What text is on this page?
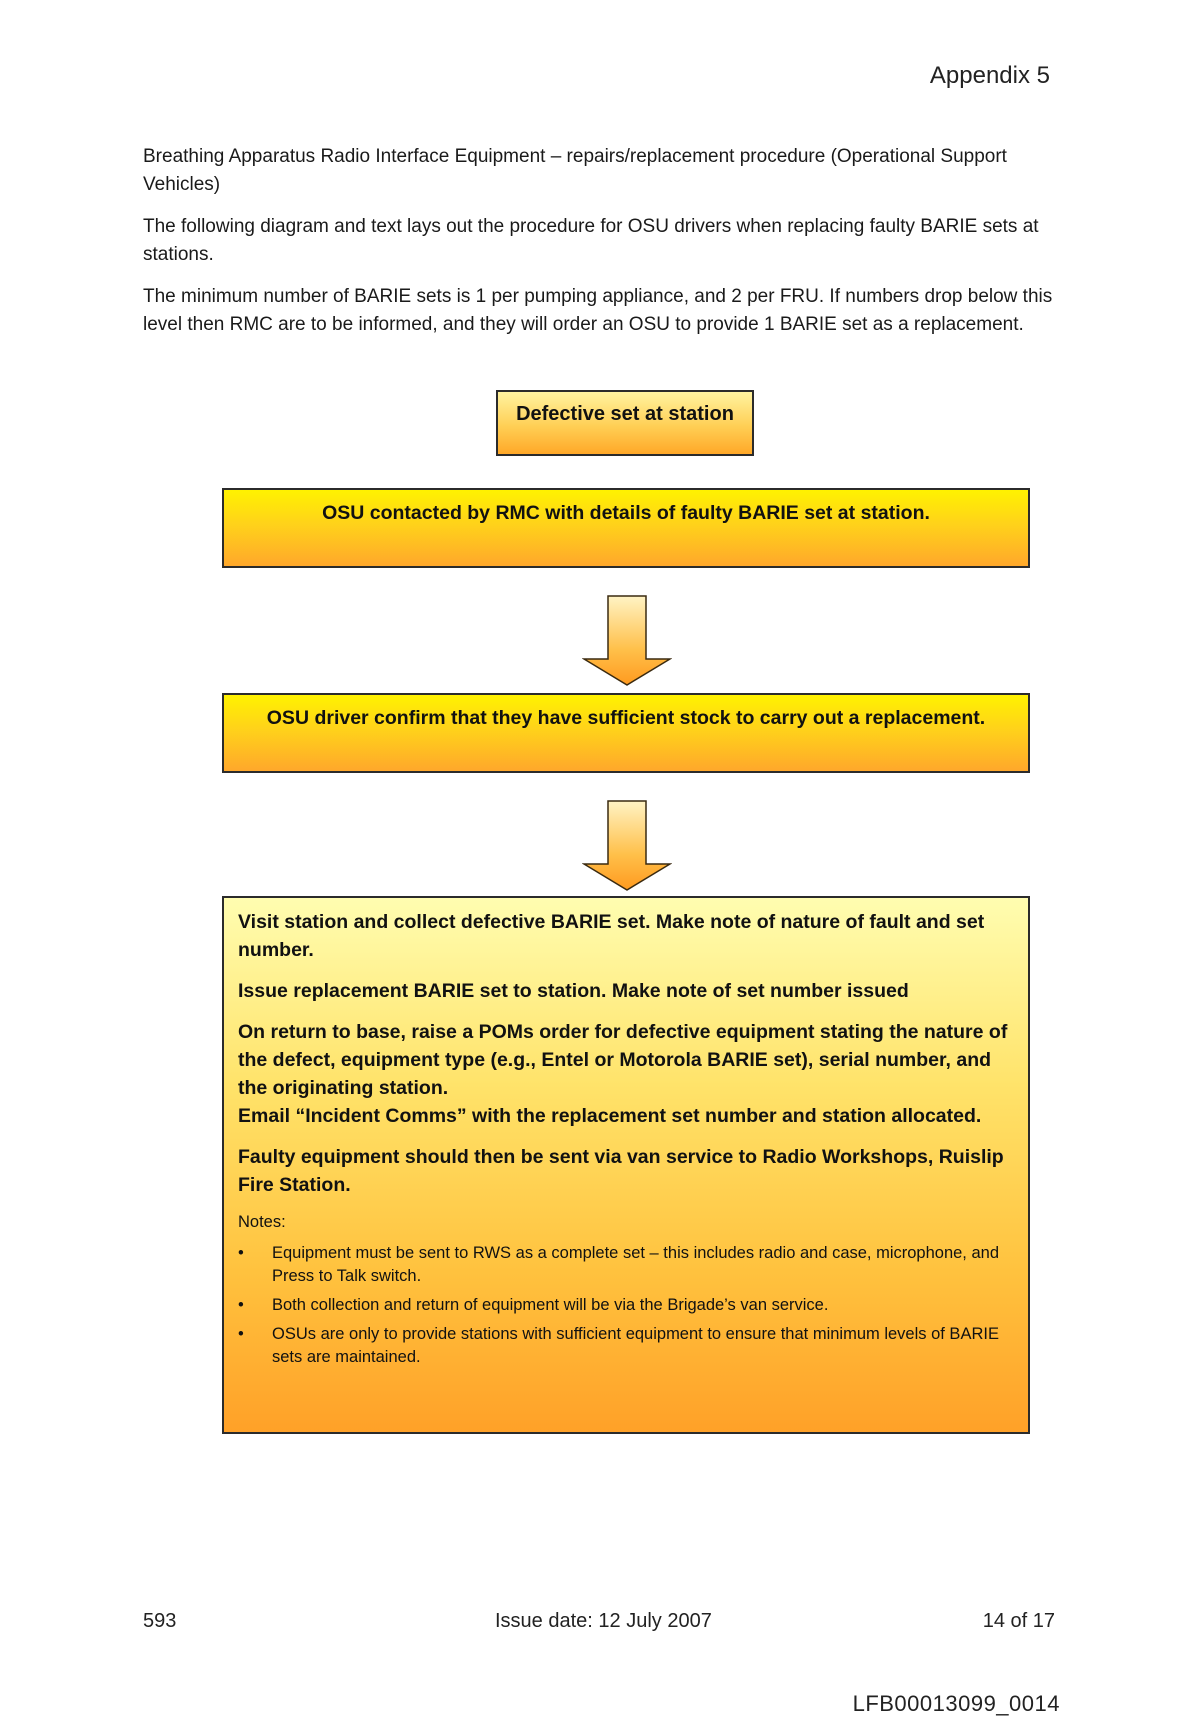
Appendix 5
Breathing Apparatus Radio Interface Equipment – repairs/replacement procedure (Operational Support Vehicles)
The following diagram and text lays out the procedure for OSU drivers when replacing faulty BARIE sets at stations.
The minimum number of BARIE sets is 1 per pumping appliance, and 2 per FRU. If numbers drop below this level then RMC are to be informed, and they will order an OSU to provide 1 BARIE set as a replacement.
Defective set at station
OSU contacted by RMC with details of faulty BARIE set at station.
OSU driver confirm that they have sufficient stock to carry out a replacement.

Visit station and collect defective BARIE set. Make note of nature of fault and set number.

Issue replacement BARIE set to station. Make note of set number issued

On return to base, raise a POMs order for defective equipment stating the nature of the defect, equipment type (e.g., Entel or Motorola BARIE set), serial number, and the originating station.

Email “Incident Comms” with the replacement set number and station allocated.

Faulty equipment should then be sent via van service to Radio Workshops, Ruislip Fire Station.

Notes:
• Equipment must be sent to RWS as a complete set – this includes radio and case, microphone, and Press to Talk switch.
• Both collection and return of equipment will be via the Brigade’s van service.
• OSUs are only to provide stations with sufficient equipment to ensure that minimum levels of BARIE sets are maintained.
593	Issue date: 12 July 2007	14 of 17
LFB00013099_0014
